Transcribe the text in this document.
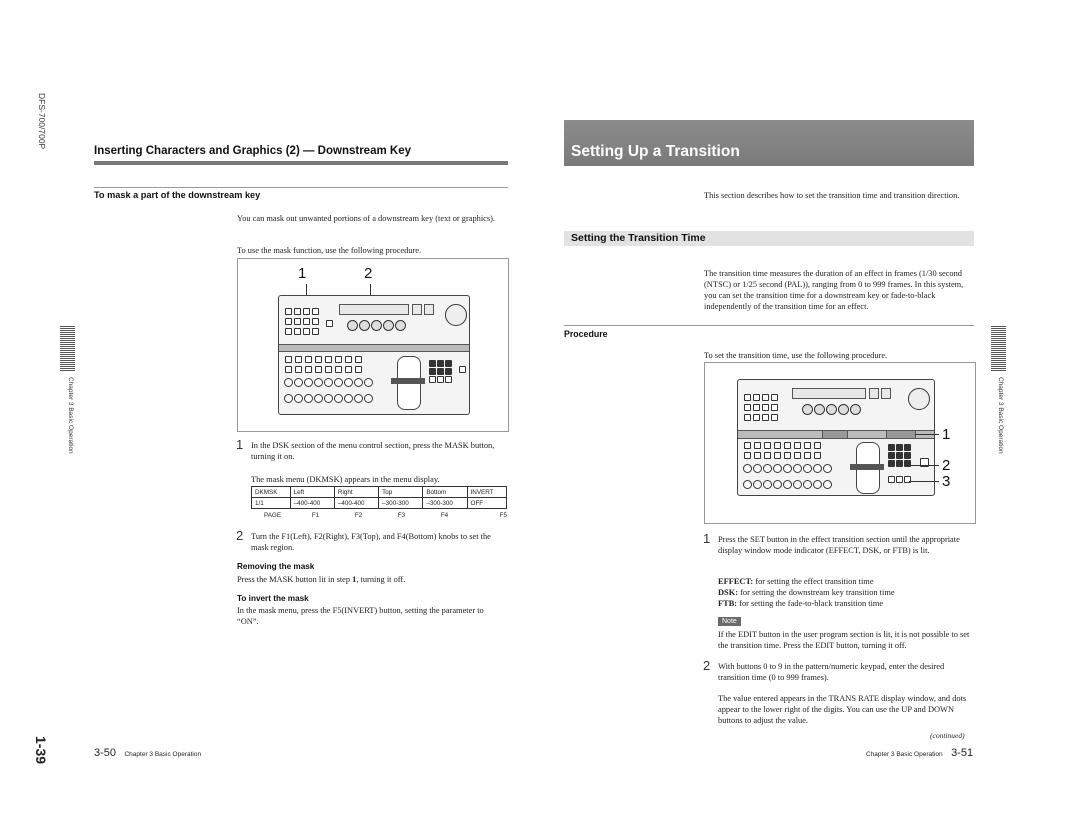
DFS-700/700P
Chapter 3 Basic Operation
1-39
Chapter 3 Basic Operation
Inserting Characters and Graphics (2) — Downstream Key
To mask a part of the downstream key
You can mask out unwanted portions of a downstream key (text or graphics).
To use the mask function, use the following procedure.
1	2
1 In the DSK section of the menu control section, press the MASK button, turning it on.
The mask menu (DKMSK) appears in the menu display.
DKMSK	Left	Right	Top	Bottom	INVERT
1/1	–400-400	–400-400	–300-300	–300-300	OFF
PAGE	F1	F2	F3	F4	F5
2 Turn the F1(Left), F2(Right), F3(Top), and F4(Bottom) knobs to set the mask region.
Removing the mask
Press the MASK button lit in step 1, turning it off.
To invert the mask
In the mask menu, press the F5(INVERT) button, setting the parameter to “ON”.
3-50 Chapter 3 Basic Operation
Setting Up a Transition
This section describes how to set the transition time and transition direction.
Setting the Transition Time
The transition time measures the duration of an effect in frames (1/30 second (NTSC) or 1/25 second (PAL)), ranging from 0 to 999 frames. In this system, you can set the transition time for a downstream key or fade-to-black independently of the transition time for an effect.
Procedure
To set the transition time, use the following procedure.
1
2
3
1 Press the SET button in the effect transition section until the appropriate display window mode indicator (EFFECT, DSK, or FTB) is lit.
EFFECT: for setting the effect transition time
DSK: for setting the downstream key transition time
FTB: for setting the fade-to-black transition time
Note
If the EDIT button in the user program section is lit, it is not possible to set the transition time. Press the EDIT button, turning it off.
2 With buttons 0 to 9 in the pattern/numeric keypad, enter the desired transition time (0 to 999 frames).
The value entered appears in the TRANS RATE display window, and dots appear to the lower right of the digits. You can use the UP and DOWN buttons to adjust the value.
(continued)
Chapter 3 Basic Operation 3-51
